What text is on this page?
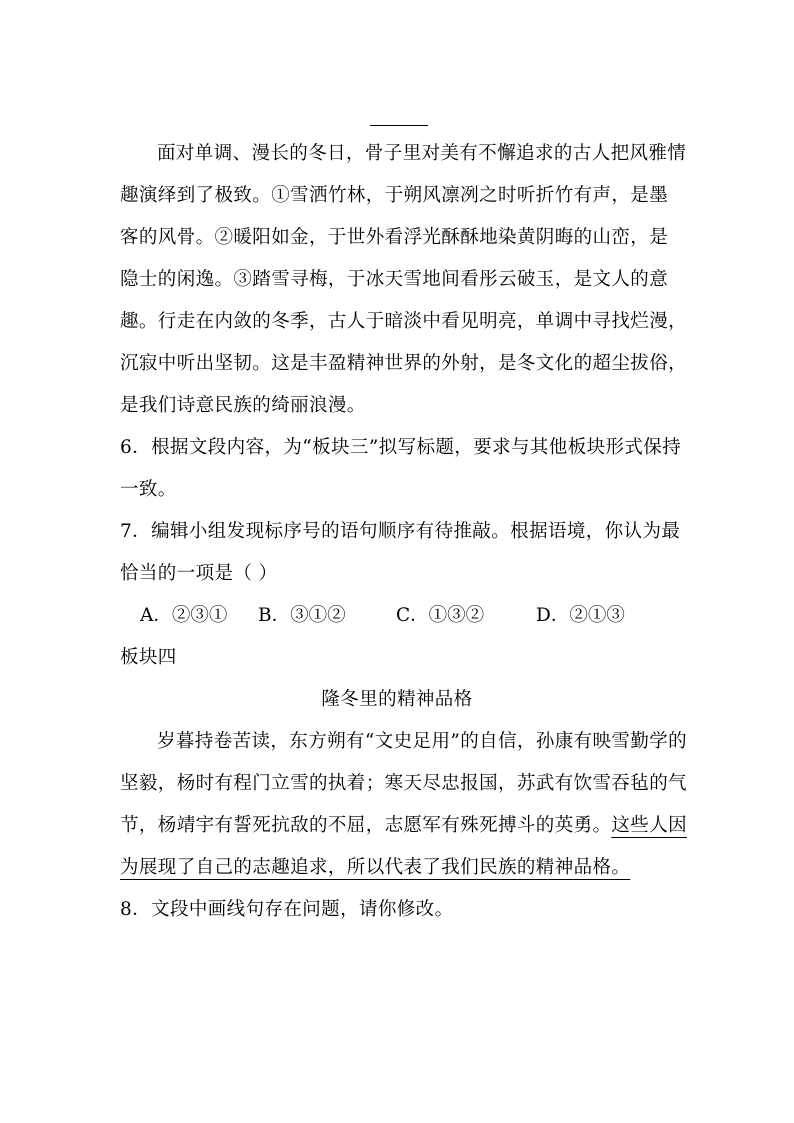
面对单调、漫长的冬日，骨子里对美有不懈追求的古人把风雅情
趣演绎到了极致。①雪洒竹林，于朔风凛冽之时听折竹有声，是墨
客的风骨。②暖阳如金，于世外看浮光酥酥地染黄阴晦的山峦，是
隐士的闲逸。③踏雪寻梅，于冰天雪地间看彤云破玉，是文人的意
趣。行走在内敛的冬季，古人于暗淡中看见明亮，单调中寻找烂漫，
沉寂中听出坚韧。这是丰盈精神世界的外射，是冬文化的超尘拔俗，
是我们诗意民族的绮丽浪漫。
6．根据文段内容，为“板块三”拟写标题，要求与其他板块形式保持
一致。
7．编辑小组发现标序号的语句顺序有待推敲。根据语境，你认为最
恰当的一项是（ ）
A．②③① B．③①②	C．①③②	D．②①③
板块四
隆冬里的精神品格
岁暮持卷苦读，东方朔有“文史足用”的自信，孙康有映雪勤学的
坚毅，杨时有程门立雪的执着；寒天尽忠报国，苏武有饮雪吞毡的气
节，杨靖宇有誓死抗敌的不屈，志愿军有殊死搏斗的英勇。这些人因
为展现了自己的志趣追求，所以代表了我们民族的精神品格。
8．文段中画线句存在问题，请你修改。
